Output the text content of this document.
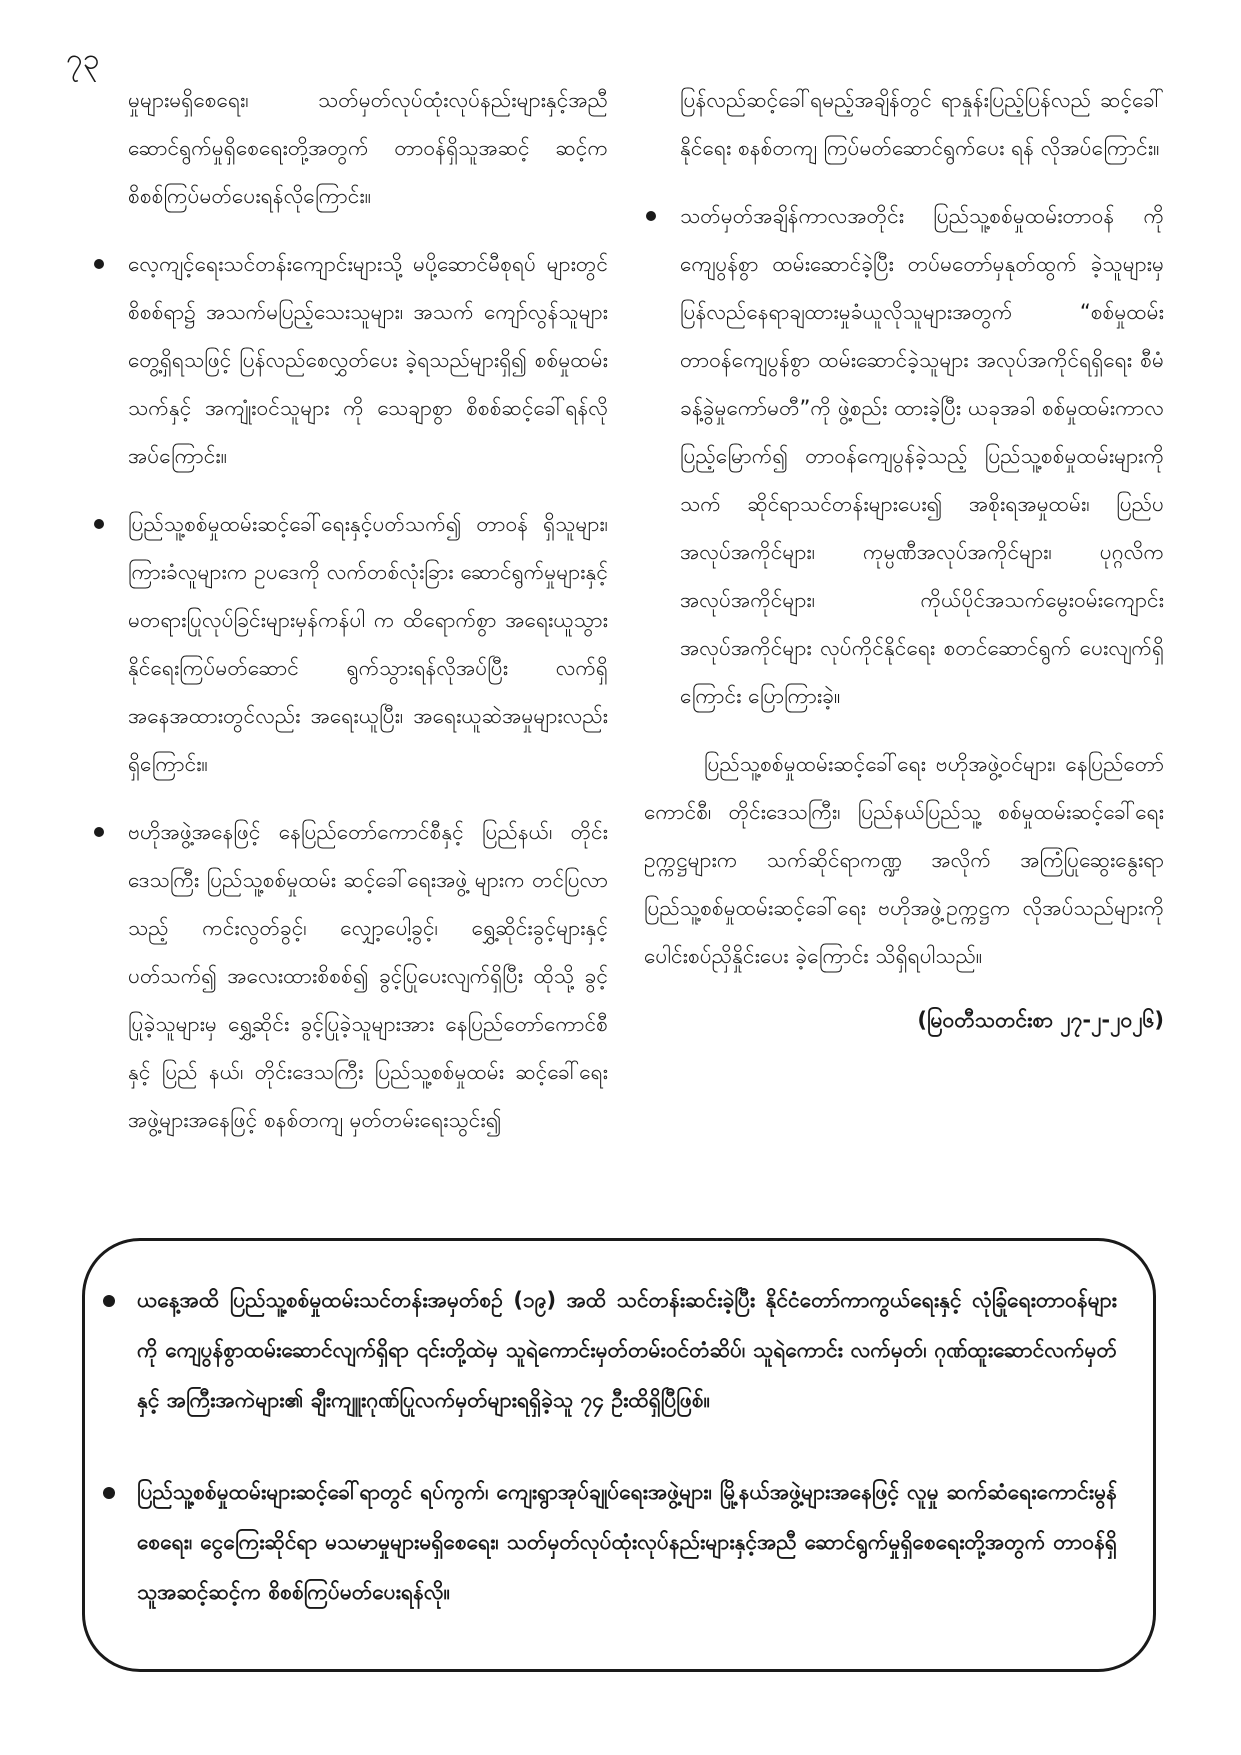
၇၃

မှုများမရှိစေရေး၊ သတ်မှတ်လုပ်ထုံးလုပ်နည်းများနှင့်အညီ ဆောင်ရွက်မှုရှိစေရေးတို့အတွက် တာဝန်ရှိသူအဆင့် ဆင့်က စိစစ်ကြပ်မတ်ပေးရန်လိုကြောင်း။

လေ့ကျင့်ရေးသင်တန်းကျောင်းများသို့ မပို့ဆောင်မီစုရပ် များတွင် စိစစ်ရာ၌ အသက်မပြည့်သေးသူများ၊ အသက် ကျော်လွန်သူများတွေ့ရှိရသဖြင့် ပြန်လည်စေလွှတ်ပေး ခဲ့ရသည်များရှိ၍ စစ်မှုထမ်းသက်နှင့် အကျုံးဝင်သူများ ကို သေချာစွာ စိစစ်ဆင့်ခေါ်ရန်လိုအပ်ကြောင်း။
ပြည်သူ့စစ်မှုထမ်းဆင့်ခေါ်ရေးနှင့်ပတ်သက်၍ တာဝန် ရှိသူများ၊ ကြားခံလူများက ဥပဒေကို လက်တစ်လုံးခြား ဆောင်ရွက်မှုများနှင့် မတရားပြုလုပ်ခြင်းများမှန်ကန်ပါ က ထိရောက်စွာ အရေးယူသွားနိုင်ရေးကြပ်မတ်ဆောင် ရွက်သွားရန်လိုအပ်ပြီး လက်ရှိအနေအထားတွင်လည်း အရေးယူပြီး၊ အရေးယူဆဲအမှုများလည်း ရှိကြောင်း။
ဗဟိုအဖွဲ့အနေဖြင့် နေပြည်တော်ကောင်စီနှင့် ပြည်နယ်၊ တိုင်းဒေသကြီး ပြည်သူ့စစ်မှုထမ်း ဆင့်ခေါ်ရေးအဖွဲ့ များက တင်ပြလာသည့် ကင်းလွတ်ခွင့်၊ လျှော့ပေါ့ခွင့်၊ ရွှေ့ဆိုင်းခွင့်များနှင့် ပတ်သက်၍ အလေးထားစိစစ်၍ ခွင့်ပြုပေးလျက်ရှိပြီး ထိုသို့ ခွင့်ပြုခဲ့သူများမှ ရွှေ့ဆိုင်း ခွင့်ပြုခဲ့သူများအား နေပြည်တော်ကောင်စီနှင့် ပြည် နယ်၊ တိုင်းဒေသကြီး ပြည်သူ့စစ်မှုထမ်း ဆင့်ခေါ်ရေး အဖွဲ့များအနေဖြင့် စနစ်တကျ မှတ်တမ်းရေးသွင်း၍

ပြန်လည်ဆင့်ခေါ်ရမည့်အချိန်တွင် ရာနှုန်းပြည့်ပြန်လည် ဆင့်ခေါ်နိုင်ရေး စနစ်တကျ ကြပ်မတ်ဆောင်ရွက်ပေး ရန် လိုအပ်ကြောင်း။

သတ်မှတ်အချိန်ကာလအတိုင်း ပြည်သူ့စစ်မှုထမ်းတာဝန် ကို ကျေပွန်စွာ ထမ်းဆောင်ခဲ့ပြီး တပ်မတော်မှနုတ်ထွက် ခဲ့သူများမှ ပြန်လည်နေရာချထားမှုခံယူလိုသူများအတွက် “စစ်မှုထမ်း တာဝန်ကျေပွန်စွာ ထမ်းဆောင်ခဲ့သူများ အလုပ်အကိုင်ရရှိရေး စီမံခန့်ခွဲမှုကော်မတီ”ကို ဖွဲ့စည်း ထားခဲ့ပြီး ယခုအခါ စစ်မှုထမ်းကာလပြည့်မြောက်၍ တာဝန်ကျေပွန်ခဲ့သည့် ပြည်သူ့စစ်မှုထမ်းများကို သက် ဆိုင်ရာသင်တန်းများပေး၍ အစိုးရအမှုထမ်း၊ ပြည်ပ အလုပ်အကိုင်များ၊ ကုမ္ပဏီအလုပ်အကိုင်များ၊ ပုဂ္ဂလိက အလုပ်အကိုင်များ၊ ကိုယ်ပိုင်အသက်မွေးဝမ်းကျောင်း အလုပ်အကိုင်များ လုပ်ကိုင်နိုင်ရေး စတင်ဆောင်ရွက် ပေးလျက်ရှိကြောင်း ပြောကြားခဲ့။

ပြည်သူ့စစ်မှုထမ်းဆင့်ခေါ်ရေး ဗဟိုအဖွဲ့ဝင်များ၊ နေပြည်တော်ကောင်စီ၊ တိုင်းဒေသကြီး၊ ပြည်နယ်ပြည်သူ့ စစ်မှုထမ်းဆင့်ခေါ်ရေး ဥက္ကဋ္ဌများက သက်ဆိုင်ရာကဏ္ဍ အလိုက် အကြံပြုဆွေးနွေးရာ ပြည်သူ့စစ်မှုထမ်းဆင့်ခေါ်ရေး ဗဟိုအဖွဲ့ဥက္ကဋ္ဌက လိုအပ်သည်များကို ပေါင်းစပ်ညှိနှိုင်းပေး ခဲ့ကြောင်း သိရှိရပါသည်။

(မြဝတီသတင်းစာ ၂၇-၂-၂၀၂၆)
ယနေ့အထိ ပြည်သူ့စစ်မှုထမ်းသင်တန်းအမှတ်စဉ် (၁၉) အထိ သင်တန်းဆင်းခဲ့ပြီး နိုင်ငံတော်ကာကွယ်ရေးနှင့် လုံခြုံရေးတာဝန်များကို ကျေပွန်စွာထမ်းဆောင်လျက်ရှိရာ ၎င်းတို့ထဲမှ သူရဲကောင်းမှတ်တမ်းဝင်တံဆိပ်၊ သူရဲကောင်း လက်မှတ်၊ ဂုဏ်ထူးဆောင်လက်မှတ်နှင့် အကြီးအကဲများ၏ ချီးကျူးဂုဏ်ပြုလက်မှတ်များရရှိခဲ့သူ ၇၄ ဦးထိရှိပြီဖြစ်။
ပြည်သူ့စစ်မှုထမ်းများဆင့်ခေါ်ရာတွင် ရပ်ကွက်၊ ကျေးရွာအုပ်ချုပ်ရေးအဖွဲ့များ၊ မြို့နယ်အဖွဲ့များအနေဖြင့် လူမှု ဆက်ဆံရေးကောင်းမွန်စေရေး၊ ငွေကြေးဆိုင်ရာ မသမာမှုများမရှိစေရေး၊ သတ်မှတ်လုပ်ထုံးလုပ်နည်းများနှင့်အညီ ဆောင်ရွက်မှုရှိစေရေးတို့အတွက် တာဝန်ရှိသူအဆင့်ဆင့်က စိစစ်ကြပ်မတ်ပေးရန်လို။
